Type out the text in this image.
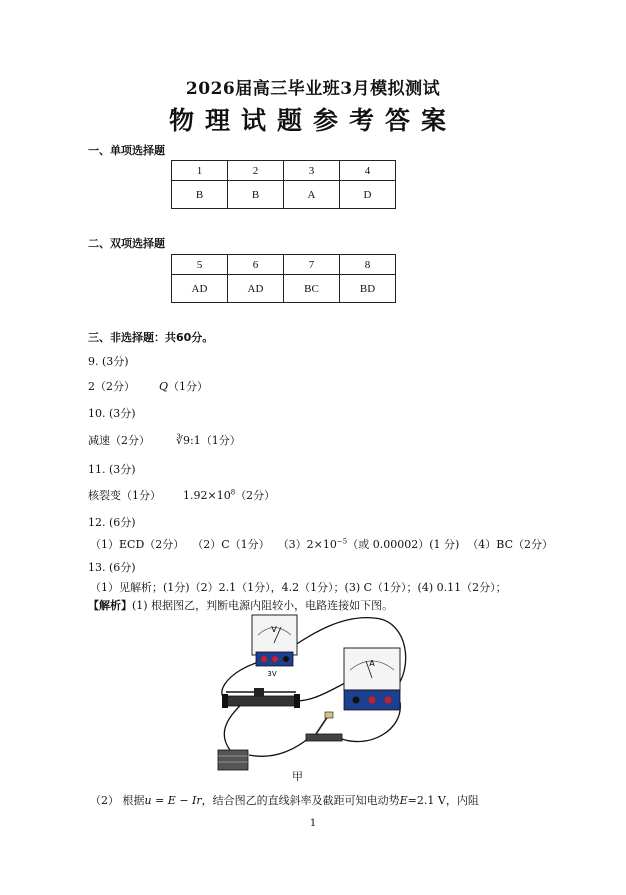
2026届高三毕业班3月模拟测试
物理试题参考答案
一、单项选择题
1	2	3	4
B	B	A	D
二、双项选择题
5	6	7	8
AD	AD	BC	BD
三、非选择题：共60分。
9. (3分)
2（2分） Q（1分）
10. (3分)
减速（2分） ∛9:1（1分）
11. (3分)
核裂变（1分） $1.92\times 10^8(2$分）
12. (6分)
（1）ECD（2分） （2）C（1分） $(3)2\times 10^{-5}$（或 0.00002）(1 分) （4）BC（2分）
13. (6分)
（1）见解析；(1分)（2）2.1（1分），4.2（1分）；(3) C（1分）；(4) 0.11（2分）；
【解析】(1) 根据图乙，判断电源内阻较小，电路连接如下图。
V
3V
A
甲
（2） 根据u = E − Ir，结合图乙的直线斜率及截距可知电动势E=2.1 V，内阻
1
